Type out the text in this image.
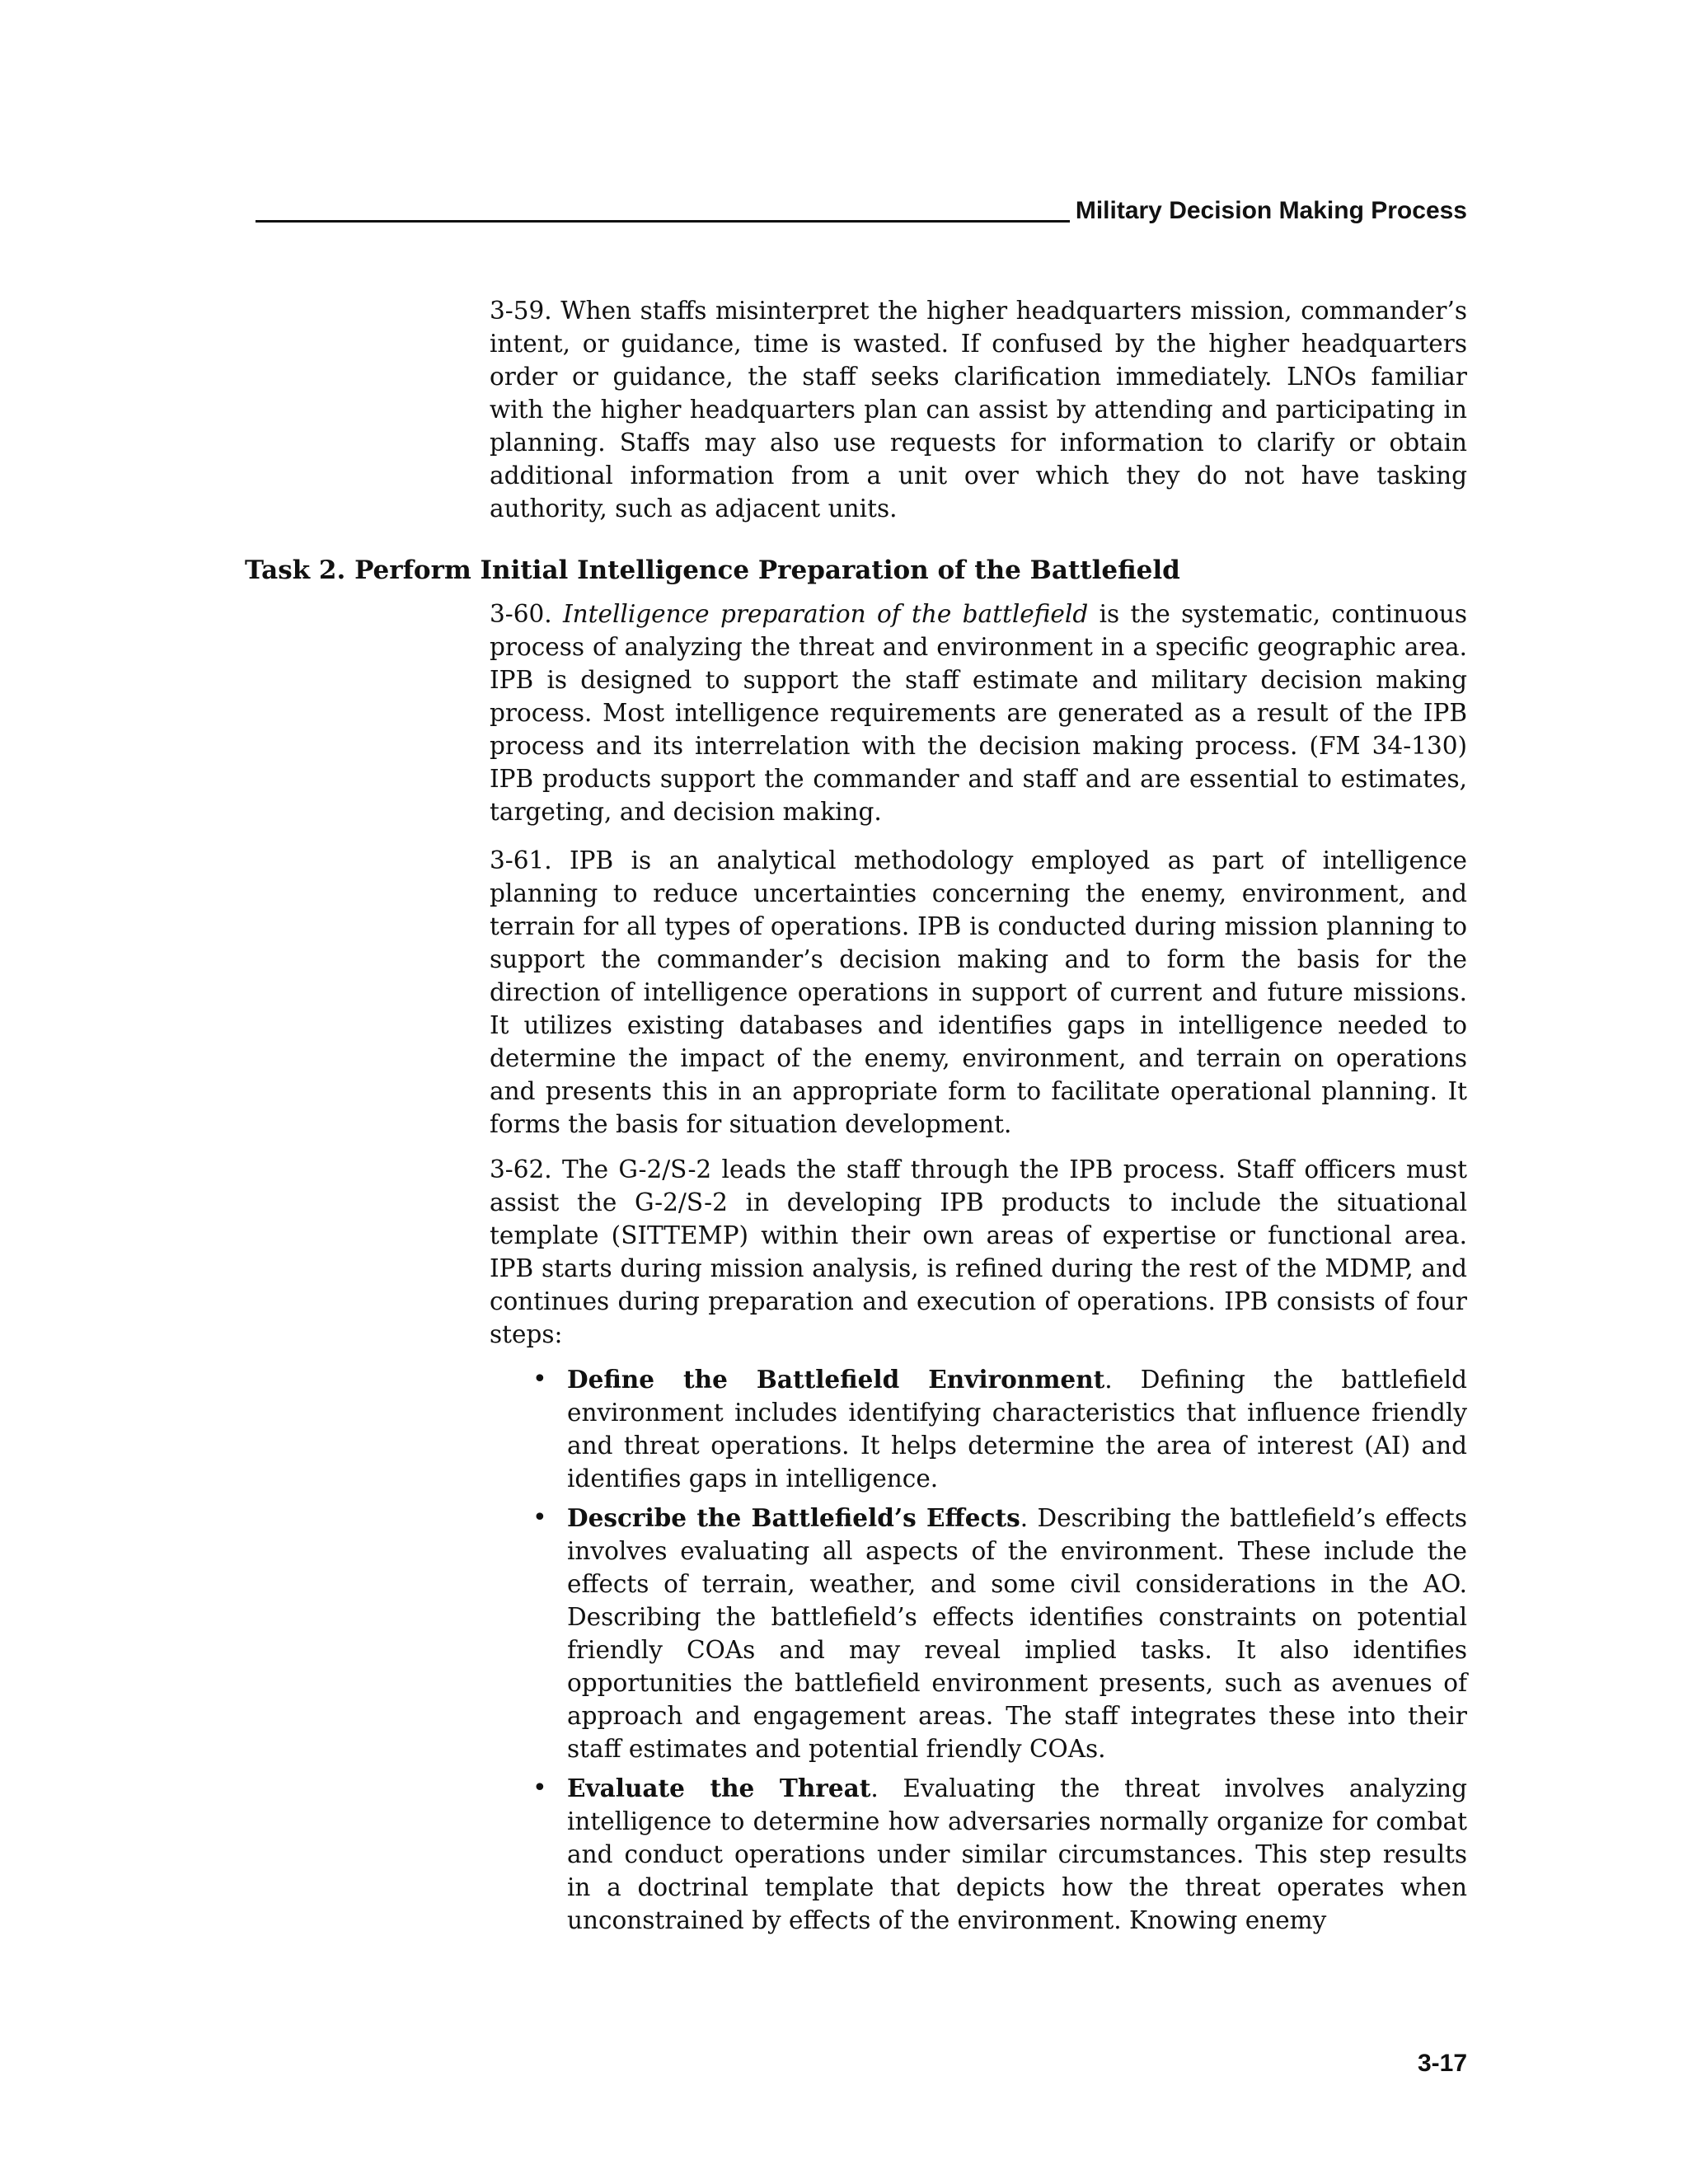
Military Decision Making Process

3-59. When staffs misinterpret the higher headquarters mission, commander’s intent, or guidance, time is wasted. If confused by the higher headquarters order or guidance, the staff seeks clarification immediately. LNOs familiar with the higher headquarters plan can assist by attending and participating in planning. Staffs may also use requests for information to clarify or obtain additional information from a unit over which they do not have tasking authority, such as adjacent units.

Task 2. Perform Initial Intelligence Preparation of the Battlefield

3-60. Intelligence preparation of the battlefield is the systematic, continuous process of analyzing the threat and environment in a specific geographic area. IPB is designed to support the staff estimate and military decision making process. Most intelligence requirements are generated as a result of the IPB process and its interrelation with the decision making process. (FM 34-130) IPB products support the commander and staff and are essential to estimates, targeting, and decision making.

3-61. IPB is an analytical methodology employed as part of intelligence planning to reduce uncertainties concerning the enemy, environment, and terrain for all types of operations. IPB is conducted during mission planning to support the commander’s decision making and to form the basis for the direction of intelligence operations in support of current and future missions. It utilizes existing databases and identifies gaps in intelligence needed to determine the impact of the enemy, environment, and terrain on operations and presents this in an appropriate form to facilitate operational planning. It forms the basis for situation development.

3-62. The G-2/S-2 leads the staff through the IPB process. Staff officers must assist the G-2/S-2 in developing IPB products to include the situational template (SITTEMP) within their own areas of expertise or functional area. IPB starts during mission analysis, is refined during the rest of the MDMP, and continues during preparation and execution of operations. IPB consists of four steps:

• Define the Battlefield Environment. Defining the battlefield environment includes identifying characteristics that influence friendly and threat operations. It helps determine the area of interest (AI) and identifies gaps in intelligence.
• Describe the Battlefield’s Effects. Describing the battlefield’s effects involves evaluating all aspects of the environment. These include the effects of terrain, weather, and some civil considerations in the AO. Describing the battlefield’s effects identifies constraints on potential friendly COAs and may reveal implied tasks. It also identifies opportunities the battlefield environment presents, such as avenues of approach and engagement areas. The staff integrates these into their staff estimates and potential friendly COAs.
• Evaluate the Threat. Evaluating the threat involves analyzing intelligence to determine how adversaries normally organize for combat and conduct operations under similar circumstances. This step results in a doctrinal template that depicts how the threat operates when unconstrained by effects of the environment. Knowing enemy
3-17
